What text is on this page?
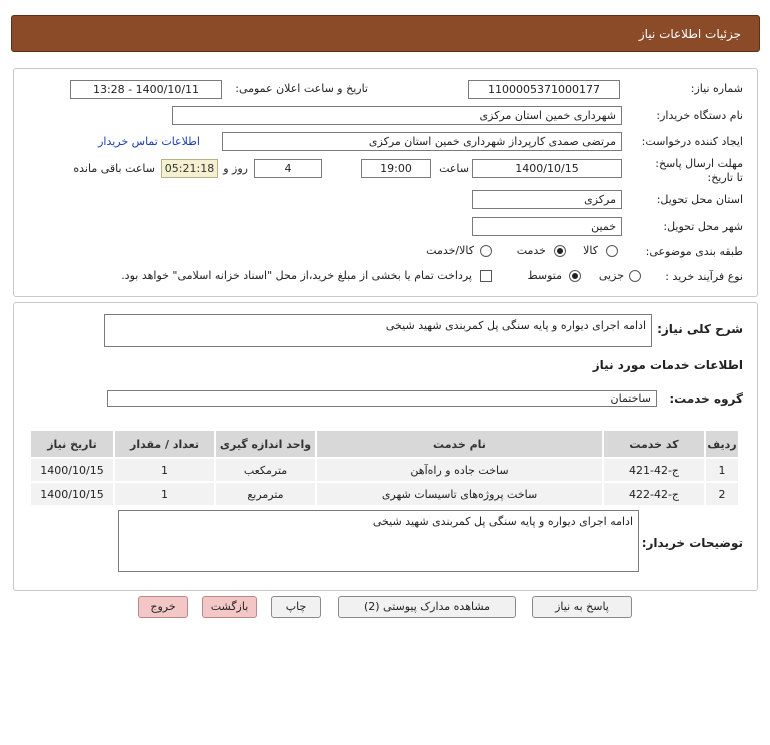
جزئیات اطلاعات نیاز
شماره نیاز:
1100005371000177
تاریخ و ساعت اعلان عمومی:
1400/10/11 - 13:28
نام دستگاه خریدار:
شهرداری خمین استان مرکزی
ایجاد کننده درخواست:
مرتضی صمدی کارپرداز شهرداری خمین استان مرکزی
اطلاعات تماس خریدار
مهلت ارسال پاسخ: تا تاریخ:
1400/10/15
ساعت
19:00
4
روز و
05:21:18
ساعت باقی مانده
استان محل تحویل:
مرکزی
شهر محل تحویل:
خمین
طبقه بندی موضوعی:
کالا
خدمت
کالا/خدمت
نوع فرآیند خرید :
جزیی
متوسط
پرداخت تمام یا بخشی از مبلغ خرید،از محل "اسناد خزانه اسلامی" خواهد بود.
شرح کلی نیاز:
ادامه اجرای دیواره و پایه سنگی پل کمربندی شهید شیخی
اطلاعات خدمات مورد نیاز
گروه خدمت:
ساختمان
ردیف	کد خدمت	نام خدمت	واحد اندازه گیری	تعداد / مقدار	تاریخ نیاز
1	ج-42-421	ساخت جاده و راه‌آهن	مترمکعب	1	1400/10/15
2	ج-42-422	ساخت پروژه‌های تاسیسات شهری	مترمربع	1	1400/10/15
توضیحات خریدار:
ادامه اجرای دیواره و پایه سنگی پل کمربندی شهید شیخی
پاسخ به نیاز
مشاهده مدارک پیوستی (2)
چاپ
بازگشت
خروج
